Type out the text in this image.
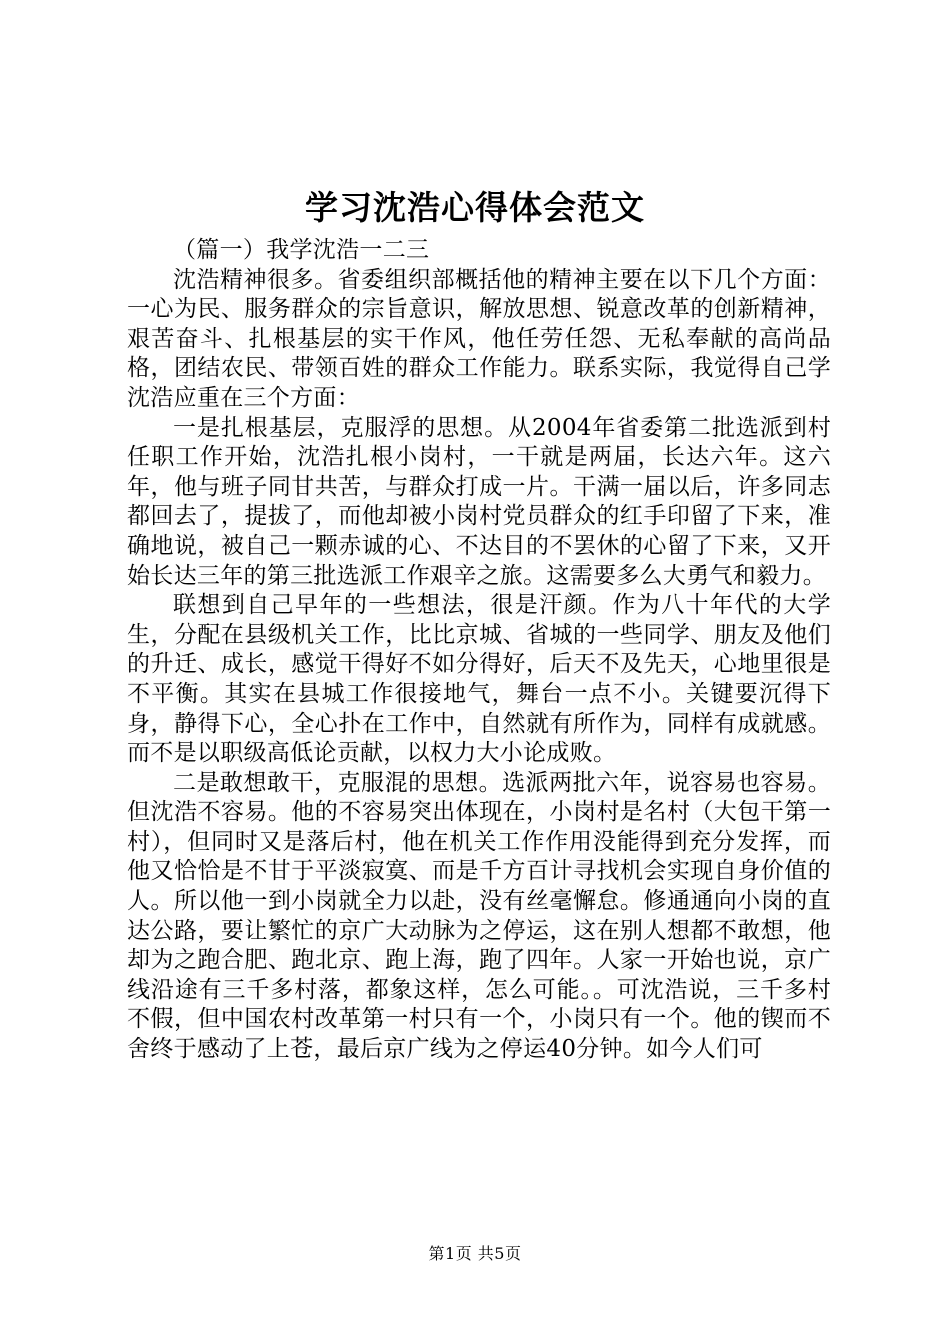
学习沈浩心得体会范文

（篇一）我学沈浩一二三

沈浩精神很多。省委组织部概括他的精神主要在以下几个方面：一心为民、服务群众的宗旨意识，解放思想、锐意改革的创新精神，艰苦奋斗、扎根基层的实干作风，他任劳任怨、无私奉献的高尚品格，团结农民、带领百姓的群众工作能力。联系实际，我觉得自己学沈浩应重在三个方面：

一是扎根基层，克服浮的思想。从2004年省委第二批选派到村任职工作开始，沈浩扎根小岗村，一干就是两届，长达六年。这六年，他与班子同甘共苦，与群众打成一片。干满一届以后，许多同志都回去了，提拔了，而他却被小岗村党员群众的红手印留了下来，准确地说，被自己一颗赤诚的心、不达目的不罢休的心留了下来，又开始长达三年的第三批选派工作艰辛之旅。这需要多么大勇气和毅力。

联想到自己早年的一些想法，很是汗颜。作为八十年代的大学生，分配在县级机关工作，比比京城、省城的一些同学、朋友及他们的升迁、成长，感觉干得好不如分得好，后天不及先天，心地里很是不平衡。其实在县城工作很接地气，舞台一点不小。关键要沉得下身，静得下心，全心扑在工作中，自然就有所作为，同样有成就感。而不是以职级高低论贡献，以权力大小论成败。

二是敢想敢干，克服混的思想。选派两批六年，说容易也容易。但沈浩不容易。他的不容易突出体现在，小岗村是名村（大包干第一村），但同时又是落后村，他在机关工作作用没能得到充分发挥，而他又恰恰是不甘于平淡寂寞、而是千方百计寻找机会实现自身价值的人。所以他一到小岗就全力以赴，没有丝毫懈怠。修通通向小岗的直达公路，要让繁忙的京广大动脉为之停运，这在别人想都不敢想，他却为之跑合肥、跑北京、跑上海，跑了四年。人家一开始也说，京广线沿途有三千多村落，都象这样，怎么可能。。可沈浩说，三千多村不假，但中国农村改革第一村只有一个，小岗只有一个。他的锲而不舍终于感动了上苍，最后京广线为之停运40分钟。如今人们可

第1页 共5页
